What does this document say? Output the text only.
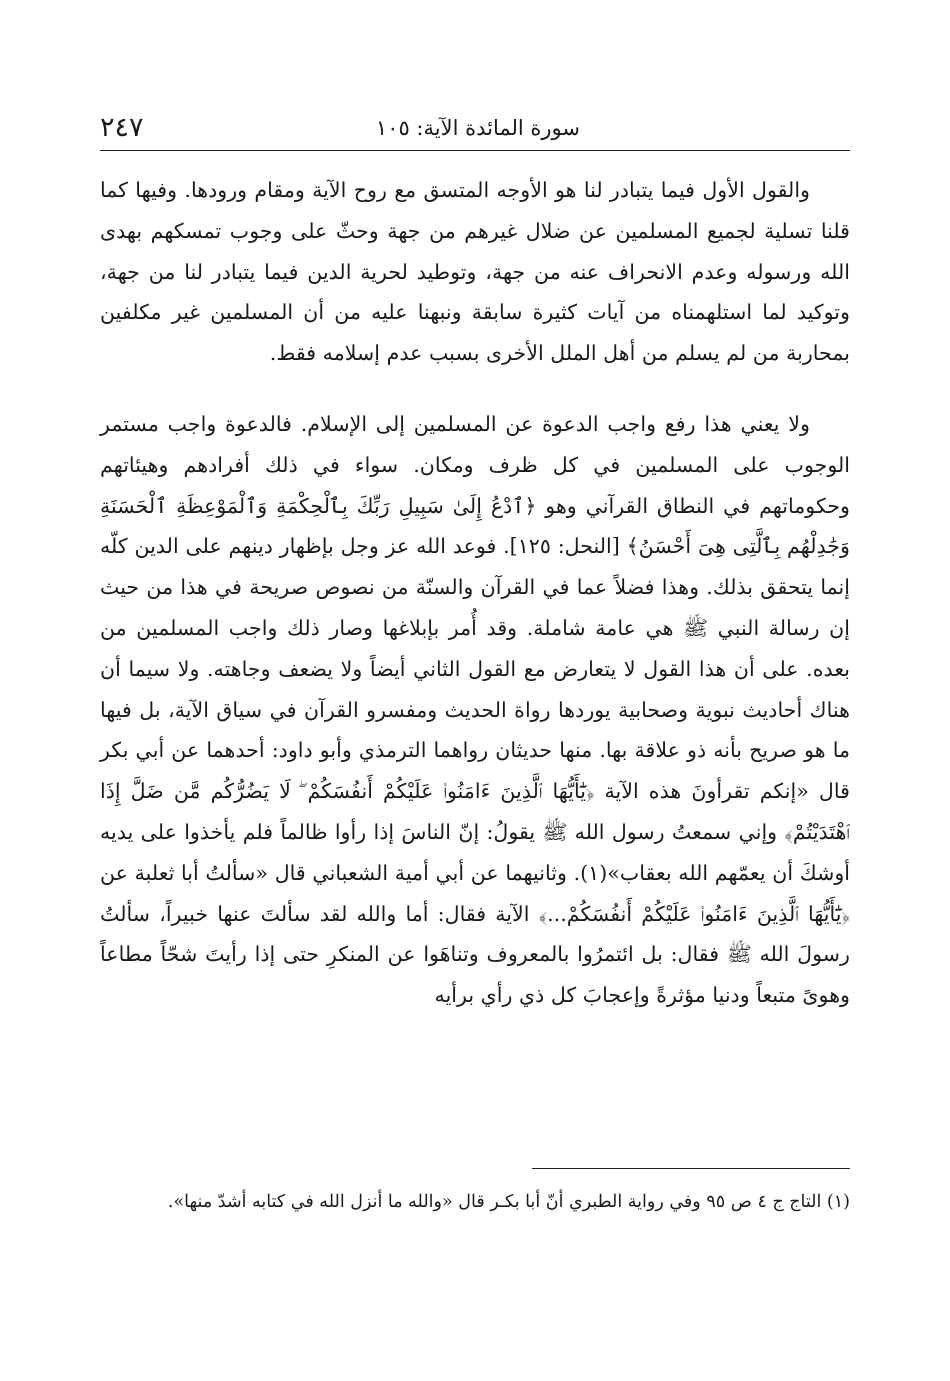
سورة المائدة الآية: ١٠٥
٢٤٧

والقول الأول فيما يتبادر لنا هو الأوجه المتسق مع روح الآية ومقام ورودها. وفيها كما قلنا تسلية لجميع المسلمين عن ضلال غيرهم من جهة وحثّ على وجوب تمسكهم بهدى الله ورسوله وعدم الانحراف عنه من جهة، وتوطيد لحرية الدين فيما يتبادر لنا من جهة، وتوكيد لما استلهمناه من آيات كثيرة سابقة ونبهنا عليه من أن المسلمين غير مكلفين بمحاربة من لم يسلم من أهل الملل الأخرى بسبب عدم إسلامه فقط.

ولا يعني هذا رفع واجب الدعوة عن المسلمين إلى الإسلام. فالدعوة واجب مستمر الوجوب على المسلمين في كل ظرف ومكان. سواء في ذلك أفرادهم وهيئاتهم وحكوماتهم في النطاق القرآني وهو ﴿ٱدْعُ إِلَىٰ سَبِيلِ رَبِّكَ بِٱلْحِكْمَةِ وَٱلْمَوْعِظَةِ ٱلْحَسَنَةِ وَجَٰدِلْهُم بِٱلَّتِى هِىَ أَحْسَنُ﴾ [النحل: ١٢٥]. فوعد الله عز وجل بإظهار دينهم على الدين كلّه إنما يتحقق بذلك. وهذا فضلاً عما في القرآن والسنّة من نصوص صريحة في هذا من حيث إن رسالة النبي ﷺ هي عامة شاملة. وقد أُمر بإبلاغها وصار ذلك واجب المسلمين من بعده. على أن هذا القول لا يتعارض مع القول الثاني أيضاً ولا يضعف وجاهته. ولا سيما أن هناك أحاديث نبوية وصحابية يوردها رواة الحديث ومفسرو القرآن في سياق الآية، بل فيها ما هو صريح بأنه ذو علاقة بها. منها حديثان رواهما الترمذي وأبو داود: أحدهما عن أبي بكر قال «إنكم تقرأونَ هذه الآية ﴿يَٰٓأَيُّهَا ٱلَّذِينَ ءَامَنُوا۟ عَلَيْكُمْ أَنفُسَكُمْ ۖ لَا يَضُرُّكُم مَّن ضَلَّ إِذَا ٱهْتَدَيْتُمْ﴾ وإني سمعتُ رسول الله ﷺ يقولُ: إنّ الناسَ إذا رأوا ظالماً فلم يأخذوا على يديه أوشكَ أن يعمّهم الله بعقاب»(١). وثانيهما عن أبي أمية الشعباني قال «سألتُ أبا ثعلبة عن ﴿يَٰٓأَيُّهَا ٱلَّذِينَ ءَامَنُوا۟ عَلَيْكُمْ أَنفُسَكُمْ...﴾ الآية فقال: أما والله لقد سألتَ عنها خبيراً، سألتُ رسولَ الله ﷺ فقال: بل ائتمرُوا بالمعروف وتناهَوا عن المنكرِ حتى إذا رأيتَ شحّاً مطاعاً وهوىً متبعاً ودنيا مؤثرةً وإعجابَ كل ذي رأي برأيه

(١) التاج ج ٤ ص ٩٥ وفي رواية الطبري أنّ أبا بكـر قال «والله ما أنزل الله في كتابه أشدّ منها».
